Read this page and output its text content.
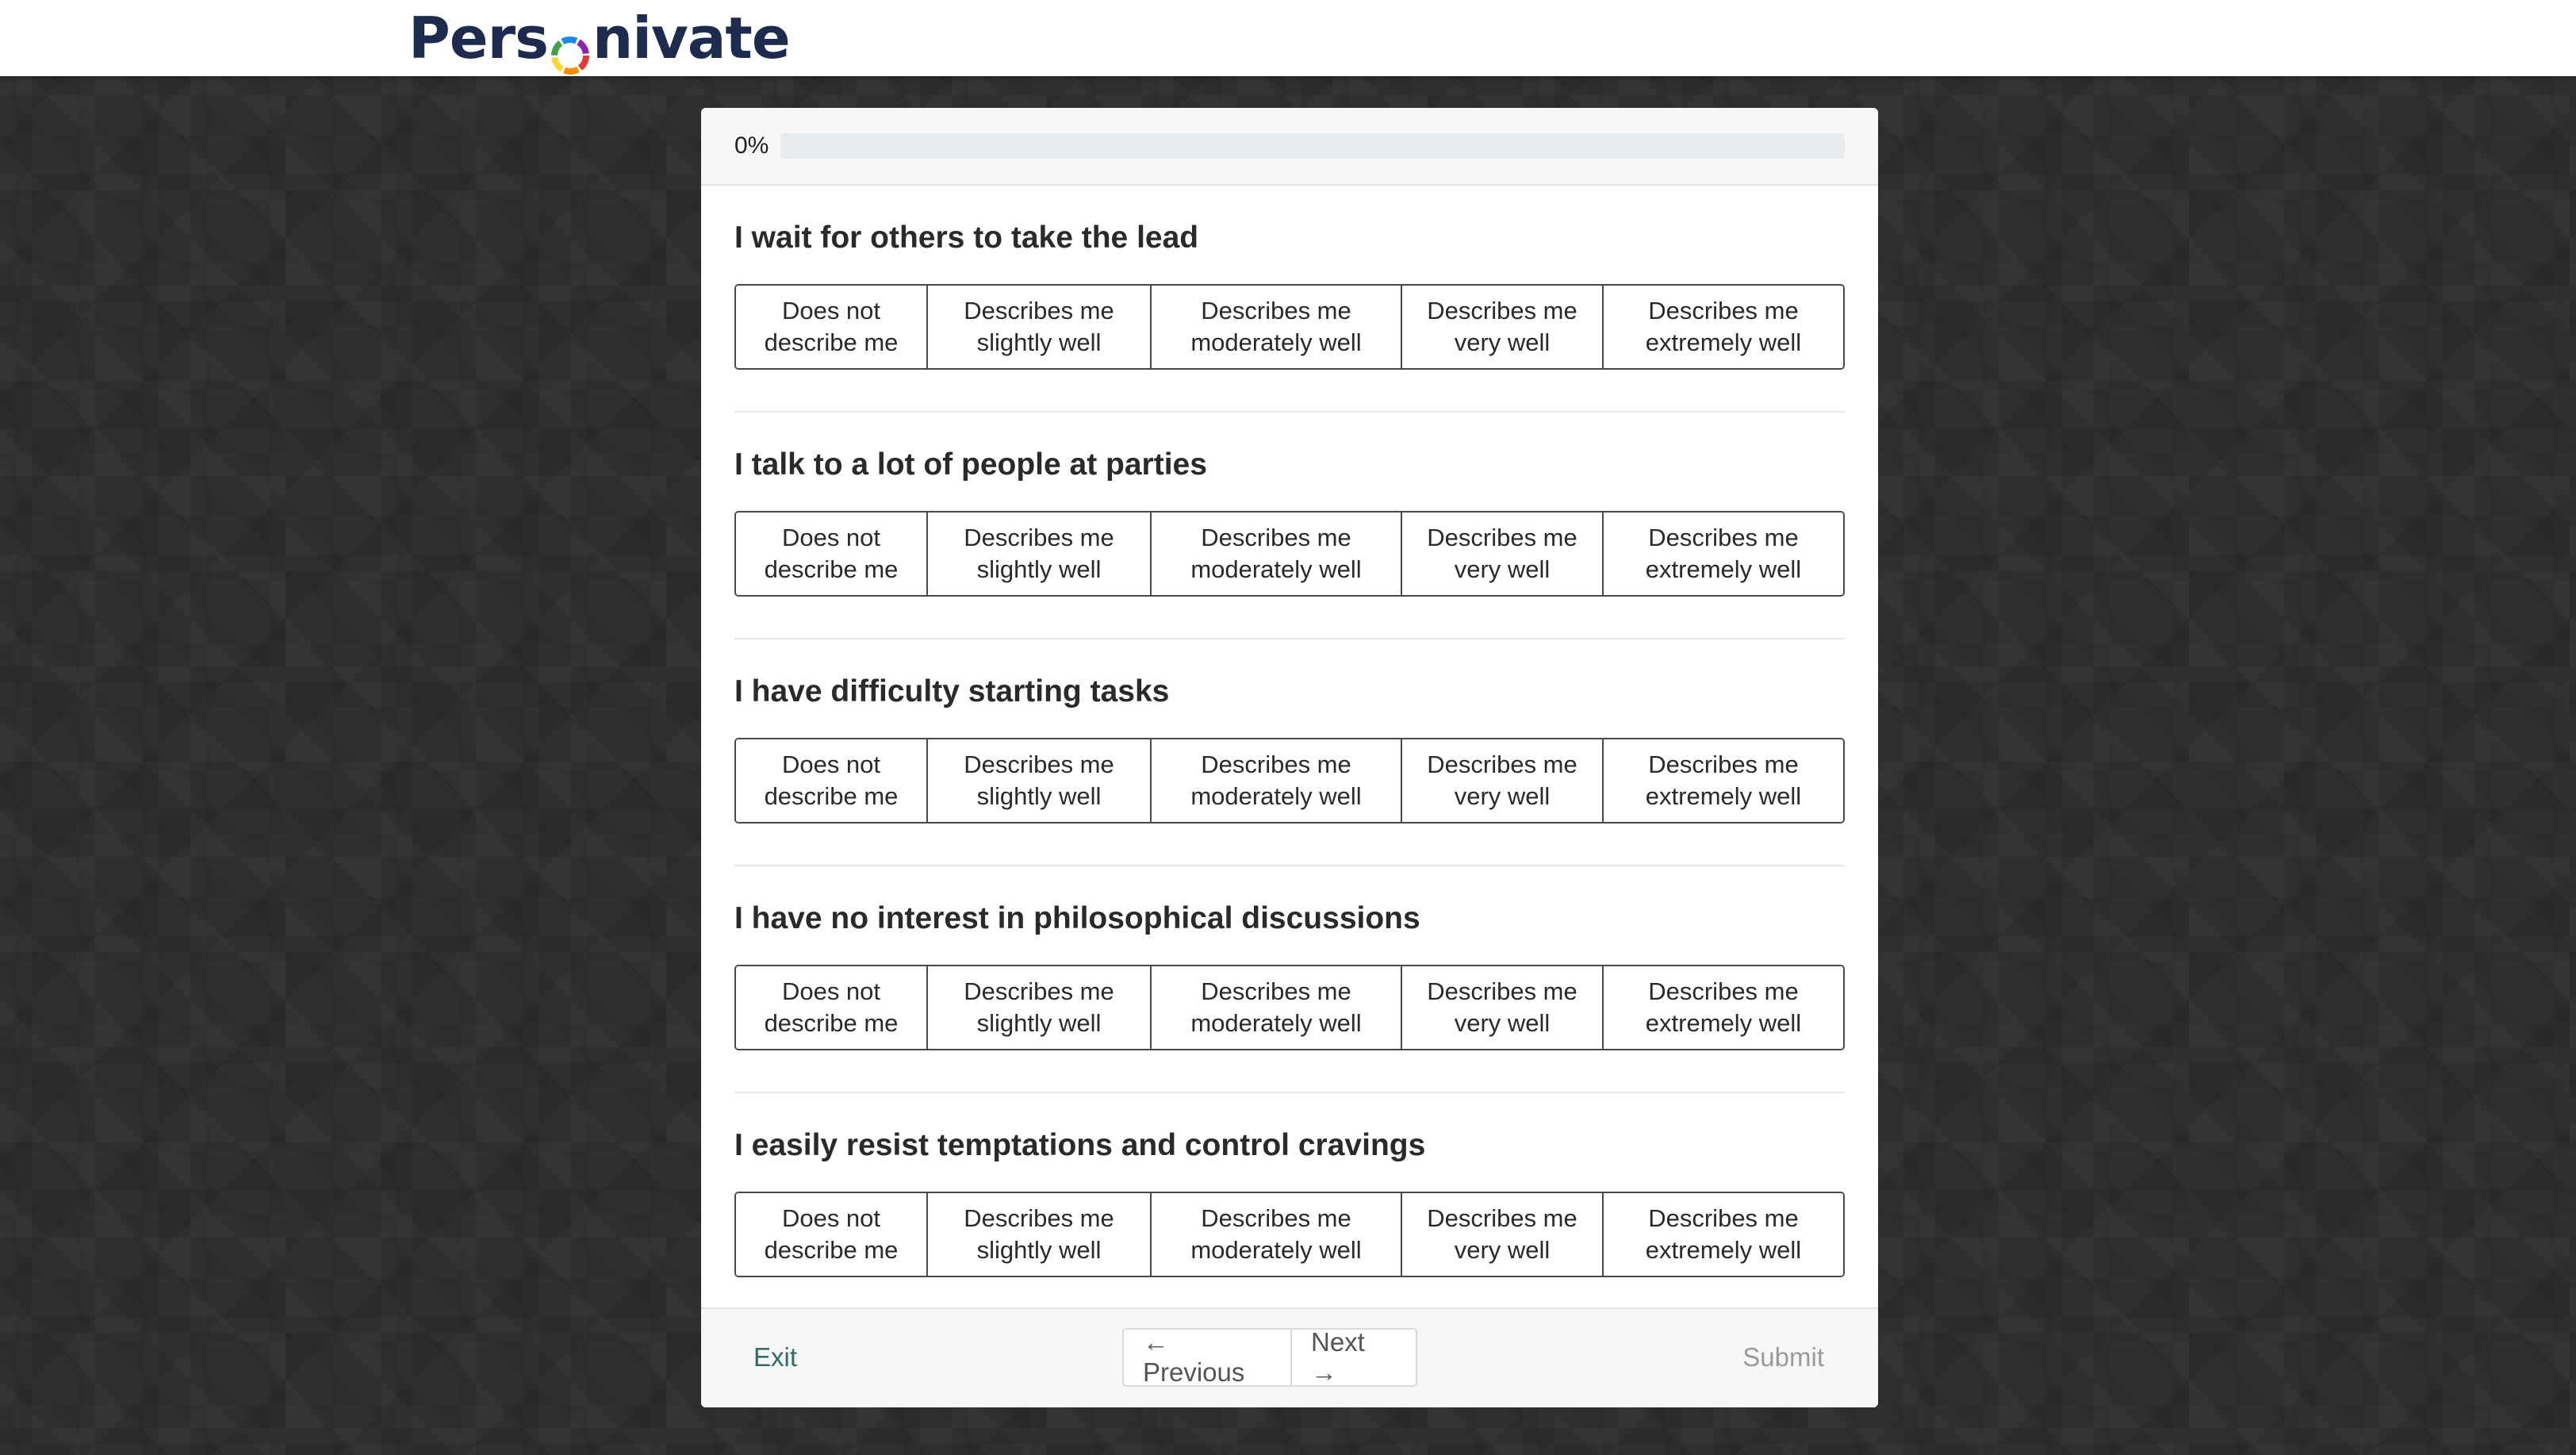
Pers nivate
0%
I wait for others to take the lead
Does not
describe me
Describes me
slightly well
Describes me
moderately well
Describes me
very well
Describes me
extremely well
I talk to a lot of people at parties
Does not
describe me
Describes me
slightly well
Describes me
moderately well
Describes me
very well
Describes me
extremely well
I have difficulty starting tasks
Does not
describe me
Describes me
slightly well
Describes me
moderately well
Describes me
very well
Describes me
extremely well
I have no interest in philosophical discussions
Does not
describe me
Describes me
slightly well
Describes me
moderately well
Describes me
very well
Describes me
extremely well
I easily resist temptations and control cravings
Does not
describe me
Describes me
slightly well
Describes me
moderately well
Describes me
very well
Describes me
extremely well
Exit
← Previous
Next →
Submit
